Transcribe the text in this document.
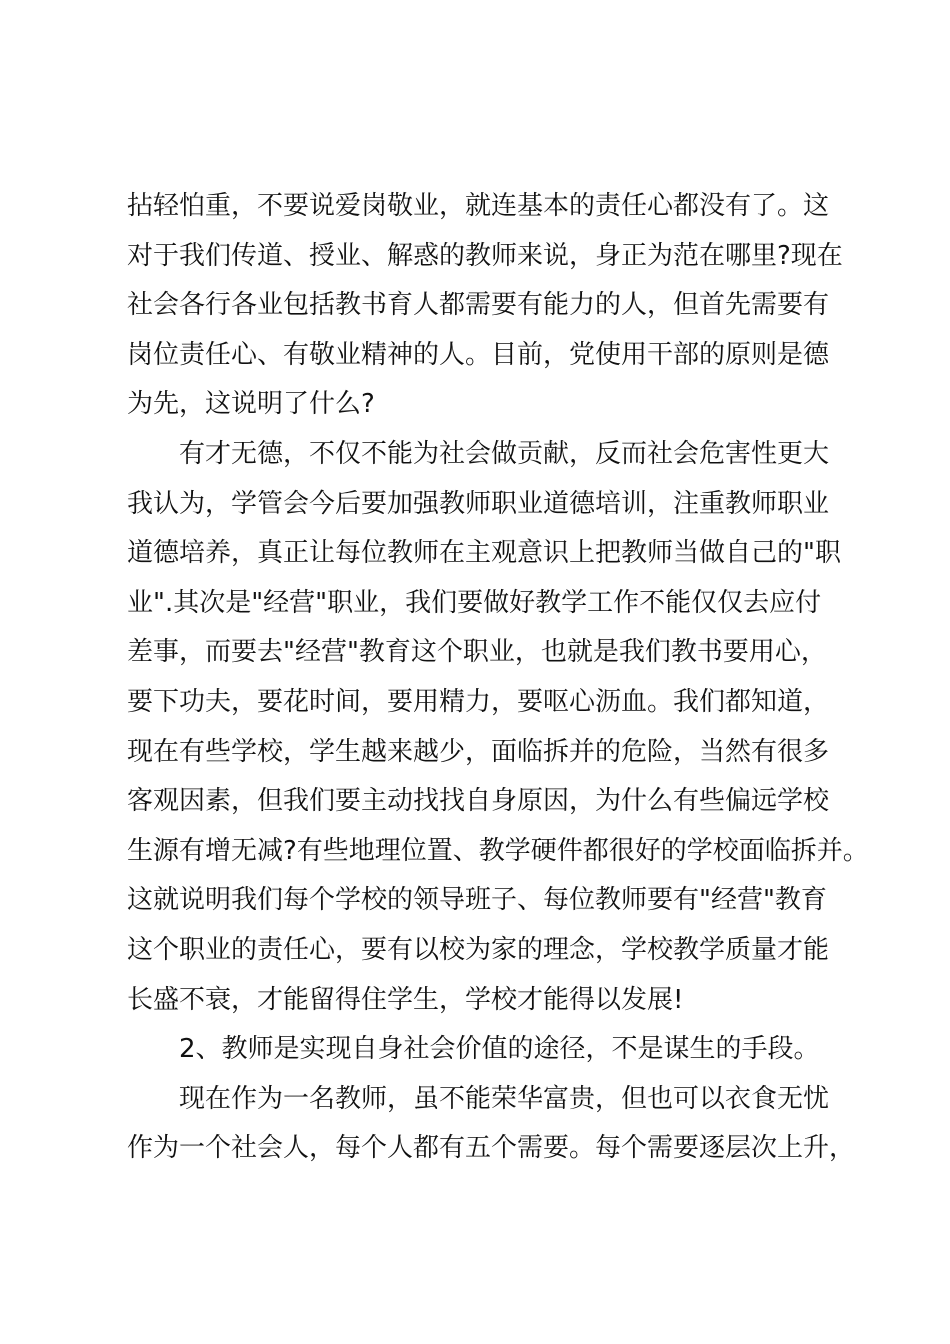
拈轻怕重，不要说爱岗敬业，就连基本的责任心都没有了。这
对于我们传道、授业、解惑的教师来说，身正为范在哪里?现在
社会各行各业包括教书育人都需要有能力的人，但首先需要有
岗位责任心、有敬业精神的人。目前，党使用干部的原则是德
为先，这说明了什么?
有才无德，不仅不能为社会做贡献，反而社会危害性更大
我认为，学管会今后要加强教师职业道德培训，注重教师职业
道德培养，真正让每位教师在主观意识上把教师当做自己的"职
业".其次是"经营"职业，我们要做好教学工作不能仅仅去应付
差事，而要去"经营"教育这个职业，也就是我们教书要用心，
要下功夫，要花时间，要用精力，要呕心沥血。我们都知道，
现在有些学校，学生越来越少，面临拆并的危险，当然有很多
客观因素，但我们要主动找找自身原因，为什么有些偏远学校
生源有增无减?有些地理位置、教学硬件都很好的学校面临拆并。
这就说明我们每个学校的领导班子、每位教师要有"经营"教育
这个职业的责任心，要有以校为家的理念，学校教学质量才能
长盛不衰，才能留得住学生，学校才能得以发展!
2、教师是实现自身社会价值的途径，不是谋生的手段。
现在作为一名教师，虽不能荣华富贵，但也可以衣食无忧
作为一个社会人，每个人都有五个需要。每个需要逐层次上升，
